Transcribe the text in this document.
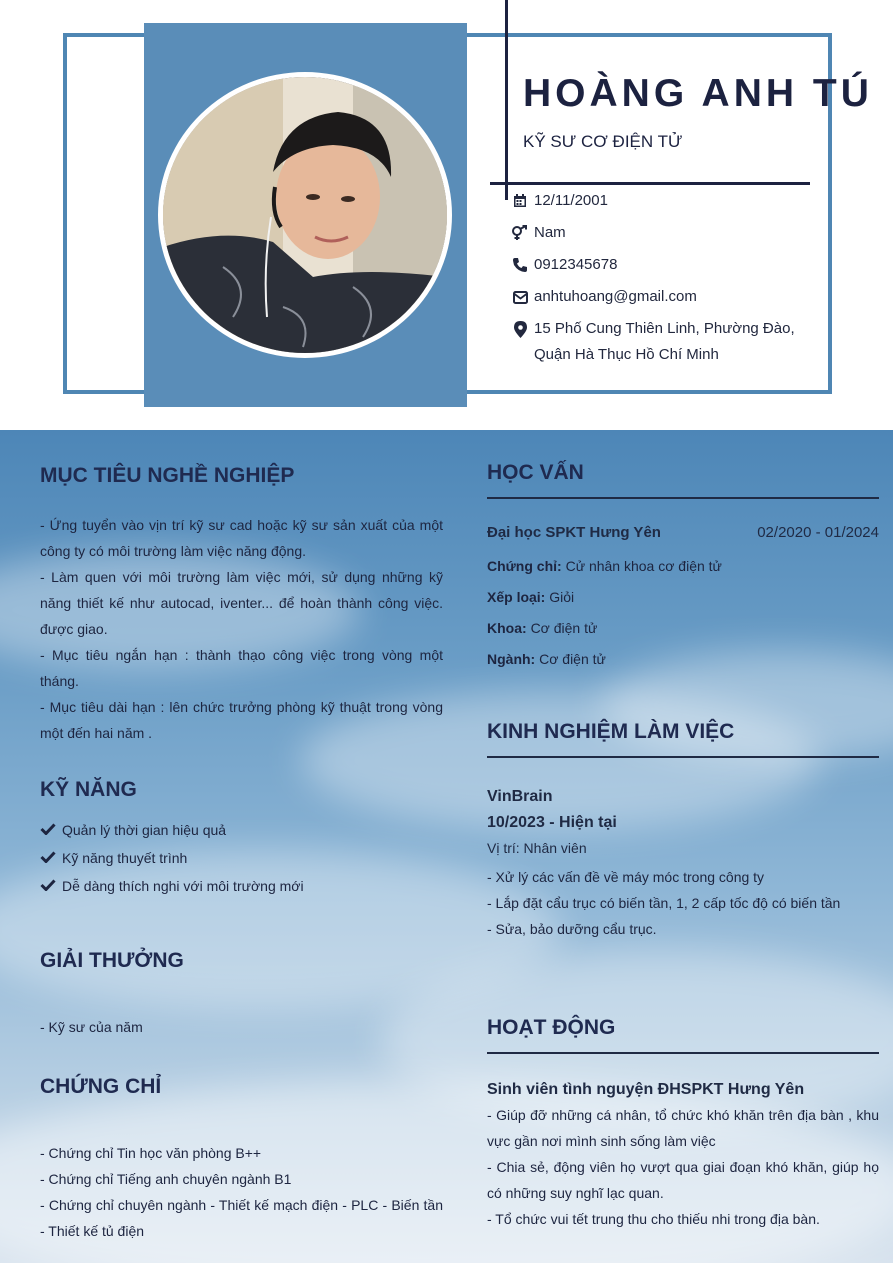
HOÀNG ANH TÚ
KỸ SƯ CƠ ĐIỆN TỬ
12/11/2001
Nam
0912345678
anhtuhoang@gmail.com
15 Phố Cung Thiên Linh, Phường Đào, Quận Hà Thục Hồ Chí Minh
MỤC TIÊU NGHỀ NGHIỆP
- Ứng tuyển vào vịn trí kỹ sư cad hoặc kỹ sư sản xuất của một công ty có môi trường làm việc năng động.
- Làm quen với môi trường làm việc mới, sử dụng những kỹ năng thiết kế như autocad, iventer... để hoàn thành công việc. được giao.
- Mục tiêu ngắn hạn : thành thạo công việc trong vòng một tháng.
- Mục tiêu dài hạn : lên chức trưởng phòng kỹ thuật trong vòng một đến hai năm .
KỸ NĂNG
Quản lý thời gian hiệu quả
Kỹ năng thuyết trình
Dễ dàng thích nghi với môi trường mới
GIẢI THƯỞNG
- Kỹ sư của năm
CHỨNG CHỈ
- Chứng chỉ Tin học văn phòng B++
- Chứng chỉ Tiếng anh chuyên ngành B1
- Chứng chỉ chuyên ngành - Thiết kế mạch điện - PLC - Biến tần - Thiết kế tủ điện
HỌC VẤN
Đại học SPKT Hưng Yên	02/2020 - 01/2024
Chứng chỉ: Cử nhân khoa cơ điện tử
Xếp loại: Giỏi
Khoa: Cơ điện tử
Ngành: Cơ điện tử
KINH NGHIỆM LÀM VIỆC
VinBrain
10/2023 - Hiện tại
Vị trí: Nhân viên
- Xử lý các vấn đề về máy móc trong công ty
- Lắp đặt cẩu trục có biến tần, 1, 2 cấp tốc độ có biến tần
- Sửa, bảo dưỡng cẩu trục.
HOẠT ĐỘNG
Sinh viên tình nguyện ĐHSPKT Hưng Yên
- Giúp đỡ những cá nhân, tổ chức khó khăn trên địa bàn , khu vực gần nơi mình sinh sống làm việc
- Chia sẻ, động viên họ vượt qua giai đoạn khó khăn, giúp họ có những suy nghĩ lạc quan.
- Tổ chức vui tết trung thu cho thiếu nhi trong địa bàn.
